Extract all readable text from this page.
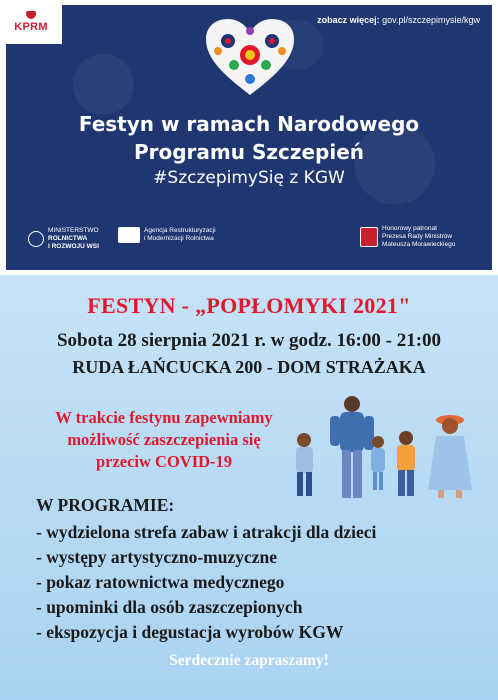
KPRM
zobacz więcej: gov.pl/szczepimysie/kgw
Festyn w ramach Narodowego
Programu Szczepień
#SzczepimySię z KGW
MINISTERSTWO
ROLNICTWA
I ROZWOJU WSI
Agencja Restrukturyzacji
i Modernizacji Rolnictwa
Honorowy patronat
Prezesa Rady Ministrów
Mateusza Morawieckiego
FESTYN - „POPŁOMYKI 2021"
Sobota 28 sierpnia 2021 r. w godz. 16:00 - 21:00
RUDA ŁAŃCUCKA 200 - DOM STRAŻAKA
W trakcie festynu zapewniamy
możliwość zaszczepienia się
przeciw COVID-19
W PROGRAMIE:
- wydzielona strefa zabaw i atrakcji dla dzieci
- występy artystyczno-muzyczne
- pokaz ratownictwa medycznego
- upominki dla osób zaszczepionych
- ekspozycja i degustacja wyrobów KGW
Serdecznie zapraszamy!
